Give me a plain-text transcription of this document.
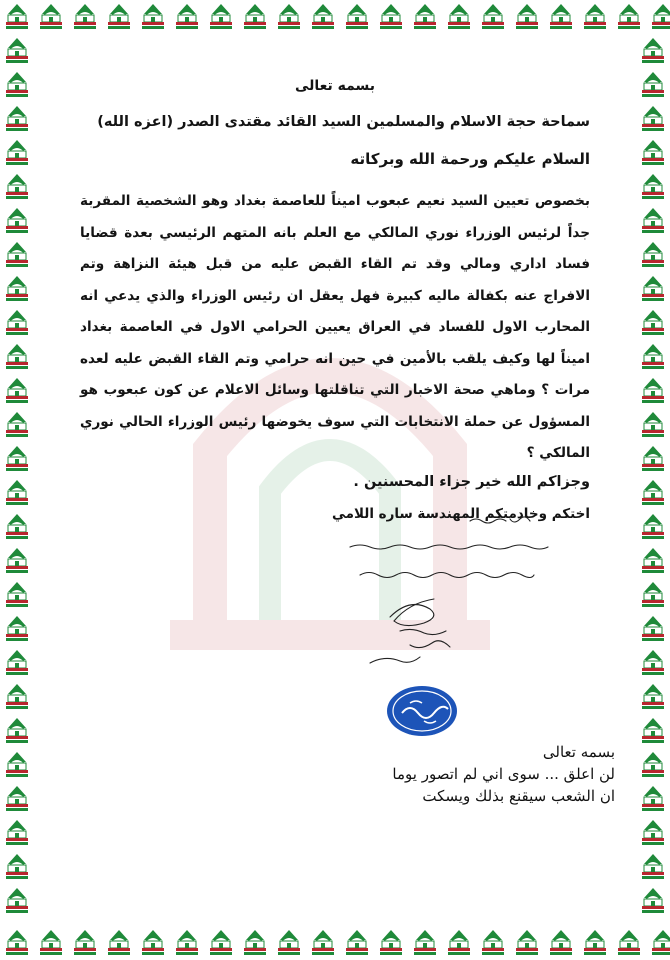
بسمه تعالى

سماحة حجة الاسلام والمسلمين السيد القائد مقتدى الصدر (اعزه الله)

السلام عليكم ورحمة الله وبركاته

بخصوص تعيين السيد نعيم عبعوب اميناً للعاصمة بغداد وهو الشخصية المقربة جداً لرئيس الوزراء نوري المالكي مع العلم بانه المتهم الرئيسي بعدة قضايا فساد اداري ومالي وقد تم القاء القبض عليه من قبل هيئة النزاهة وتم الافراج عنه بكفالة ماليه كبيرة فهل يعقل ان رئيس الوزراء والذي يدعي انه المحارب الاول للفساد في العراق يعيين الحرامي الاول في العاصمة بغداد اميناً لها وكيف يلقب بالأمين في حين انه حرامي وتم القاء القبض عليه لعده مرات ؟ وماهي صحة الاخبار التي تناقلتها وسائل الاعلام عن كون عبعوب هو المسؤول عن حملة الانتخابات التي سوف يخوضها رئيس الوزراء الحالي نوري المالكي ؟

وجزاكم الله خير جزاء المحسنين .

اختكم وخادمتكم المهندسة ساره اللامي

بسمه تعالى
لن اعلق ... سوى اني لم اتصور يوما
ان الشعب سيقنع بذلك ويسكت
